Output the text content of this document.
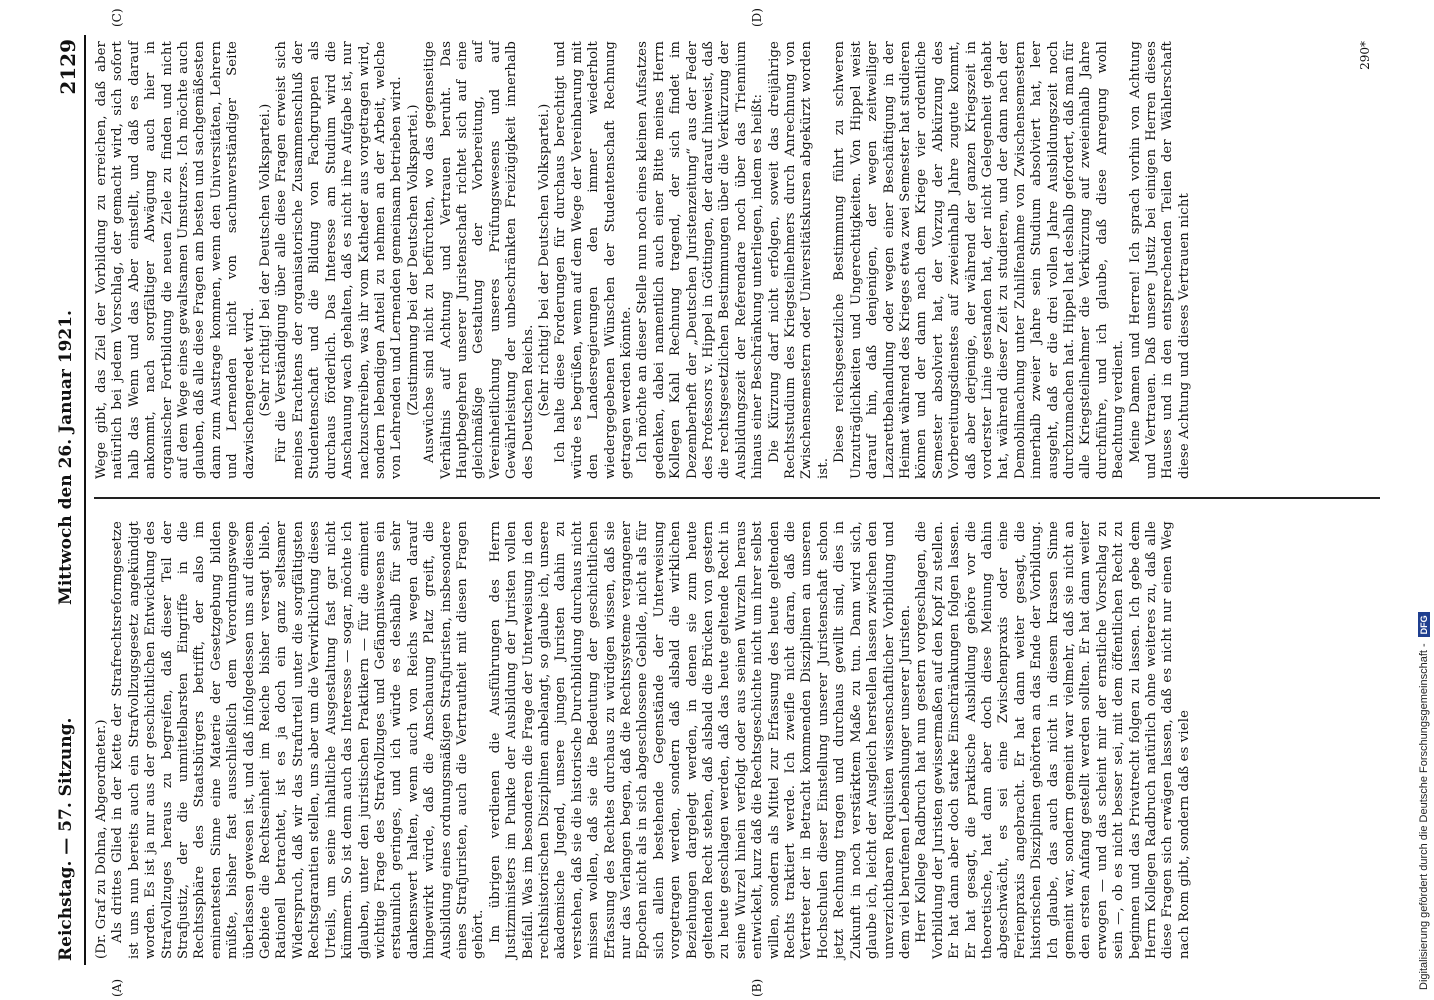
Reichstag. — 57. Sitzung.
Mittwoch den 26. Januar 1921.
2129
(A)	(B)
(C)	(D)

(Dr. Graf zu Dohna, Abgeordneter.) Als drittes Glied in der Kette der Strafrechtsreformgesetze ist uns nun bereits auch ein Strafvollzugsgesetz angekündigt worden. Es ist ja nur aus der geschichtlichen Entwicklung des Strafvollzuges heraus zu begreifen, daß dieser Teil der Strafjustiz, der die unmittelbarsten Eingriffe in die Rechtssphäre des Staatsbürgers betrifft, der also im eminentesten Sinne eine Materie der Gesetzgebung bilden müßte, bisher fast ausschließlich dem Verordnungswege überlassen gewesen ist, und daß infolgedessen uns auf diesem Gebiete die Rechtseinheit im Reiche bisher versagt blieb. Rationell betrachtet, ist es ja doch ein ganz seltsamer Widerspruch, daß wir das Strafurteil unter die sorgfältigsten Rechtsgarantien stellen, uns aber um die Verwirklichung dieses Urteils, um seine inhaltliche Ausgestaltung fast gar nicht kümmern. So ist denn auch das Interesse — sogar, möchte ich glauben, unter den juristischen Praktikern — für die eminent wichtige Frage des Strafvollzuges und Gefängniswesens ein erstaunlich geringes, und ich würde es deshalb für sehr dankenswert halten, wenn auch von Reichs wegen darauf hingewirkt würde, daß die Anschauung Platz greift, die Ausbildung eines ordnungsmäßigen Strafjuristen, insbesondere eines Strafjuristen, auch die Vertrautheit mit diesen Fragen gehört. Im übrigen verdienen die Ausführungen des Herrn Justizministers im Punkte der Ausbildung der Juristen vollen Beifall. Was im besonderen die Frage der Unterweisung in den rechtshistorischen Disziplinen anbelangt, so glaube ich, unsere akademische Jugend, unsere jungen Juristen dahin zu verstehen, daß sie die historische Durchbildung durchaus nicht missen wollen, daß sie die Bedeutung der geschichtlichen Erfassung des Rechtes durchaus zu würdigen wissen, daß sie nur das Verlangen begen, daß die Rechtssysteme vergangener Epochen nicht als in sich abgeschlossene Gebilde, nicht als für sich allein bestehende Gegenstände der Unterweisung vorgetragen werden, sondern daß alsbald die wirklichen Beziehungen dargelegt werden, in denen sie zum heute geltenden Recht stehen, daß alsbald die Brücken von gestern zu heute geschlagen werden, daß das heute geltende Recht in seine Wurzel hinein verfolgt oder aus seinen Wurzeln heraus entwickelt, kurz daß die Rechtsgeschichte nicht um ihrer selbst willen, sondern als Mittel zur Erfassung des heute geltenden Rechts traktiert werde. Ich zweifle nicht daran, daß die Vertreter der in Betracht kommenden Disziplinen an unseren Hochschulen dieser Einstellung unserer Juristenschaft schon jetzt Rechnung tragen und durchaus gewillt sind, dies in Zukunft in noch verstärktem Maße zu tun. Dann wird sich, glaube ich, leicht der Ausgleich herstellen lassen zwischen den unverzichtbaren Requisiten wissenschaftlicher Vorbildung und dem viel berufenen Lebenshunger unserer Juristen. Herr Kollege Radbruch hat nun gestern vorgeschlagen, die Vorbildung der Juristen gewissermaßen auf den Kopf zu stellen. Er hat dann aber doch starke Einschränkungen folgen lassen. Er hat gesagt, die praktische Ausbildung gehöre vor die theoretische, hat dann aber doch diese Meinung dahin abgeschwächt, es sei eine Zwischenpraxis oder eine Ferienpraxis angebracht. Er hat dann weiter gesagt, die historischen Disziplinen gehörten an das Ende der Vorbildung. Ich glaube, das auch das nicht in diesem krassen Sinne gemeint war, sondern gemeint war vielmehr, daß sie nicht an den ersten Anfang gestellt werden sollten. Er hat dann weiter erwogen — und das scheint mir der ernstliche Vorschlag zu sein —, ob es nicht besser sei, mit dem öffentlichen Recht zu beginnen und das Privatrecht folgen zu lassen. Ich gebe dem Herrn Kollegen Radbruch natürlich ohne weiteres zu, daß alle diese Fragen sich erwägen lassen, daß es nicht nur einen Weg nach Rom gibt, sondern daß es viele

Wege gibt, das Ziel der Vorbildung zu erreichen, daß aber natürlich bei jedem Vorschlag, der gemacht wird, sich sofort halb das Wenn und das Aber einstellt, und daß es darauf ankommt, nach sorgfältiger Abwägung auch hier in organischer Fortbildung die neuen Ziele zu finden und nicht auf dem Wege eines gewaltsamen Umsturzes. Ich möchte auch glauben, daß alle diese Fragen am besten und sachgemäßesten dann zum Austrage kommen, wenn den Universitäten, Lehrern und Lernenden nicht von sachunverständiger Seite dazwischengeredet wird. (Sehr richtig! bei der Deutschen Volkspartei.) Für die Verständigung über alle diese Fragen erweist sich meines Erachtens der organisatorische Zusammenschluß der Studentenschaft und die Bildung von Fachgruppen als durchaus förderlich. Das Interesse am Studium wird die Anschauung wach gehalten, daß es nicht ihre Aufgabe ist, nur nachzuschreiben, was ihr vom Katheder aus vorgetragen wird, sondern lebendigen Anteil zu nehmen an der Arbeit, welche von Lehrenden und Lernenden gemeinsam betrieben wird. (Zustimmung bei der Deutschen Volkspartei.) Auswüchse sind nicht zu befürchten, wo das gegenseitige Verhältnis auf Achtung und Vertrauen beruht. Das Hauptbegehren unserer Juristenschaft richtet sich auf eine gleichmäßige Gestaltung der Vorbereitung, auf Vereinheitlichung unseres Prüfungswesens und auf Gewährleistung der unbeschränkten Freizügigkeit innerhalb des Deutschen Reichs. (Sehr richtig! bei der Deutschen Volkspartei.) Ich halte diese Forderungen für durchaus berechtigt und würde es begrüßen, wenn auf dem Wege der Vereinbarung mit den Landesregierungen den immer wiederholt wiedergegebenen Wünschen der Studentenschaft Rechnung getragen werden könnte. Ich möchte an dieser Stelle nun noch eines kleinen Aufsatzes gedenken, dabei namentlich auch einer Bitte meines Herrn Kollegen Kahl Rechnung tragend, der sich findet im Dezemberheft der „Deutschen Juristenzeitung“ aus der Feder des Professors v. Hippel in Göttingen, der darauf hinweist, daß die rechtsgesetzlichen Bestimmungen über die Verkürzung der Ausbildungszeit der Referendare noch über das Triennium hinaus einer Beschränkung unterliegen, indem es heißt: Die Kürzung darf nicht erfolgen, soweit das dreijährige Rechtsstudium des Kriegsteilnehmers durch Anrechnung von Zwischensemestern oder Universitätskursen abgekürzt worden ist.

Diese reichsgesetzliche Bestimmung führt zu schweren Unzuträglichkeiten und Ungerechtigkeiten. Von Hippel weist darauf hin, daß denjenigen, der wegen zeitweiliger Lazarettbehandlung oder wegen einer Beschäftigung in der Heimat während des Krieges etwa zwei Semester hat studieren können und der dann nach dem Kriege vier ordentliche Semester absolviert hat, der Vorzug der Abkürzung des Vorbereitungsdienstes auf zweieinhalb Jahre zugute kommt, daß aber derjenige, der während der ganzen Kriegszeit in vorderster Linie gestanden hat, der nicht Gelegenheit gehabt hat, während dieser Zeit zu studieren, und der dann nach der Demobilmachung unter Zuhilfenahme von Zwischensemestern innerhalb zweier Jahre sein Studium absolviert hat, leer ausgeht, daß er die drei vollen Jahre Ausbildungszeit noch durchzumachen hat. Hippel hat deshalb gefordert, daß man für alle Kriegsteilnehmer die Verkürzung auf zweieinhalb Jahre durchführe, und ich glaube, daß diese Anregung wohl Beachtung verdient. Meine Damen und Herren! Ich sprach vorhin von Achtung und Vertrauen. Daß unsere Justiz bei einigen Herren dieses Hauses und in den entsprechenden Teilen der Wählerschaft diese Achtung und dieses Vertrauen nicht

290*
Digitalisierung gefördert durch die Deutsche Forschungsgemeinschaft -DFG
